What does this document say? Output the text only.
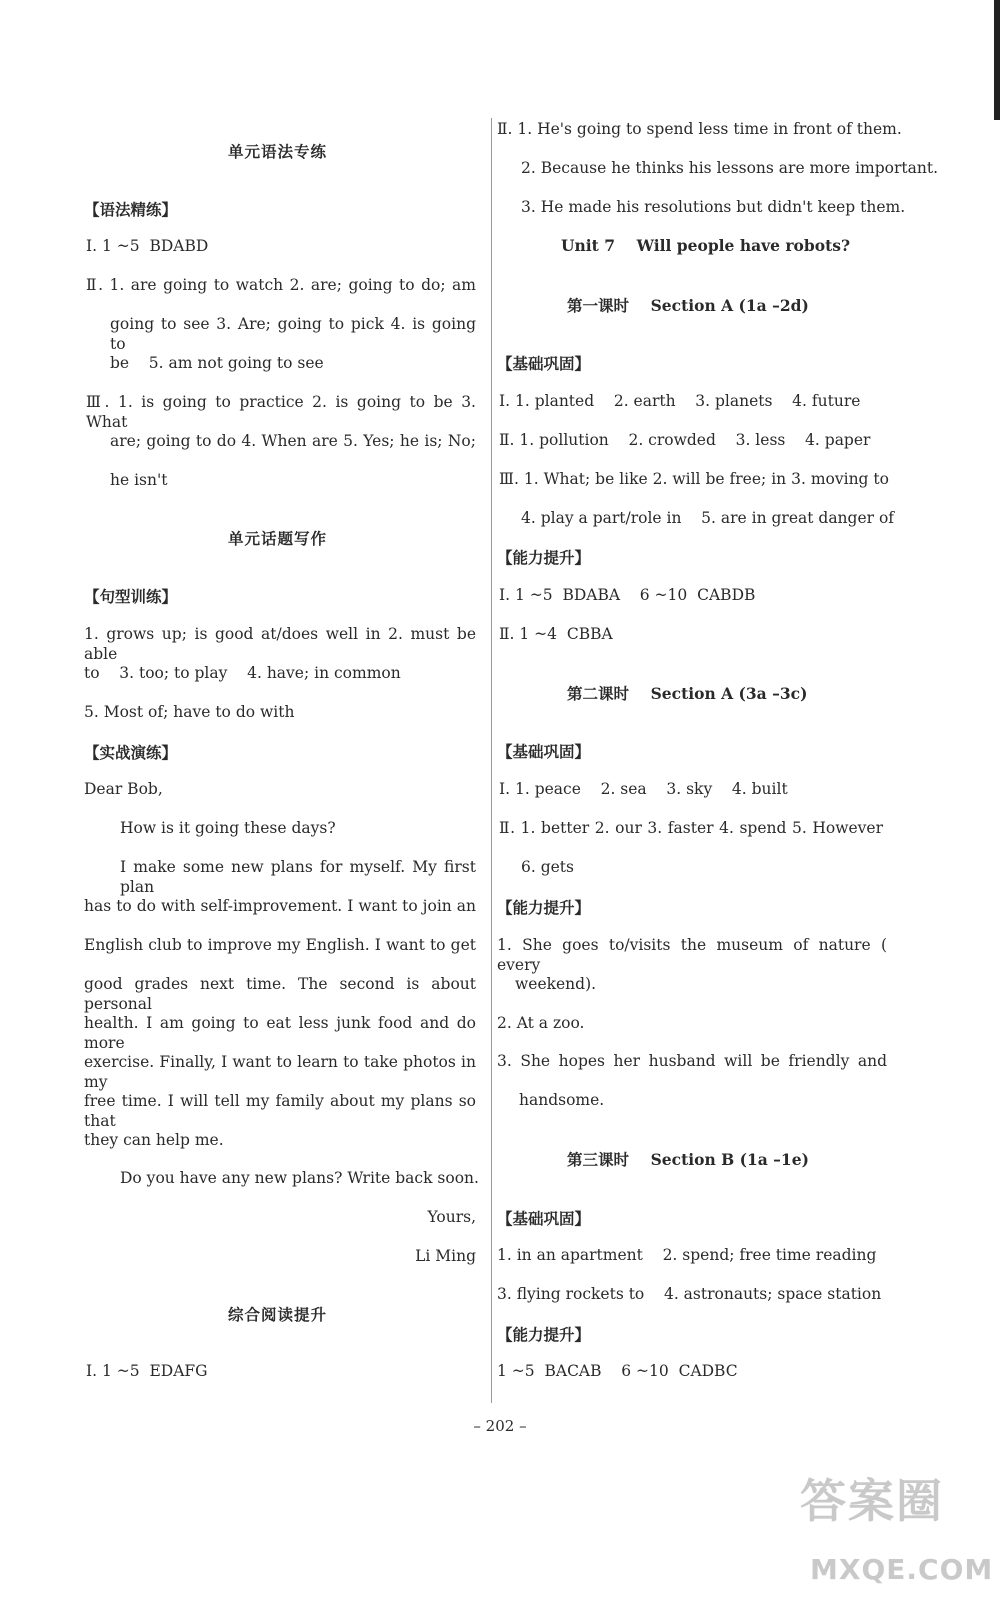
单元语法专练
【语法精练】
Ⅰ. 1 ~5  BDABD
Ⅱ. 1. are going to watch 2. are; going to do; am
going to see 3. Are; going to pick 4. is going to
be    5. am not going to see
Ⅲ. 1. is going to practice 2. is going to be 3. What
are; going to do 4. When are 5. Yes; he is; No;
he isn't
单元话题写作
【句型训练】
1. grows up; is good at/does well in 2. must be able
to    3. too; to play    4. have; in common
5. Most of; have to do with
【实战演练】
Dear Bob,
How is it going these days?
I make some new plans for myself. My first plan
has to do with self-improvement. I want to join an
English club to improve my English. I want to get
good grades next time. The second is about personal
health. I am going to eat less junk food and do more
exercise. Finally, I want to learn to take photos in my
free time. I will tell my family about my plans so that
they can help me.
Do you have any new plans? Write back soon.
Yours,
Li Ming
综合阅读提升
Ⅰ. 1 ~5  EDAFG
Ⅱ. 1. He's going to spend less time in front of them.
2. Because he thinks his lessons are more important.
3. He made his resolutions but didn't keep them.
Unit 7    Will people have robots?
第一课时    Section A (1a –2d)
【基础巩固】
Ⅰ. 1. planted    2. earth    3. planets    4. future
Ⅱ. 1. pollution    2. crowded    3. less    4. paper
Ⅲ. 1. What; be like 2. will be free; in 3. moving to
4. play a part/role in    5. are in great danger of
【能力提升】
Ⅰ. 1 ~5  BDABA    6 ~10  CABDB
Ⅱ. 1 ~4  CBBA
第二课时    Section A (3a –3c)
【基础巩固】
Ⅰ. 1. peace    2. sea    3. sky    4. built
Ⅱ. 1. better 2. our 3. faster 4. spend 5. However
6. gets
【能力提升】
1. She goes to/visits the museum of nature ( every
weekend).
2. At a zoo.
3. She hopes her husband will be friendly and
handsome.
第三课时    Section B (1a –1e)
【基础巩固】
1. in an apartment    2. spend; free time reading
3. flying rockets to    4. astronauts; space station
【能力提升】
1 ~5  BACAB    6 ~10  CADBC
– 202 –
答案圈
MXQE.COM
